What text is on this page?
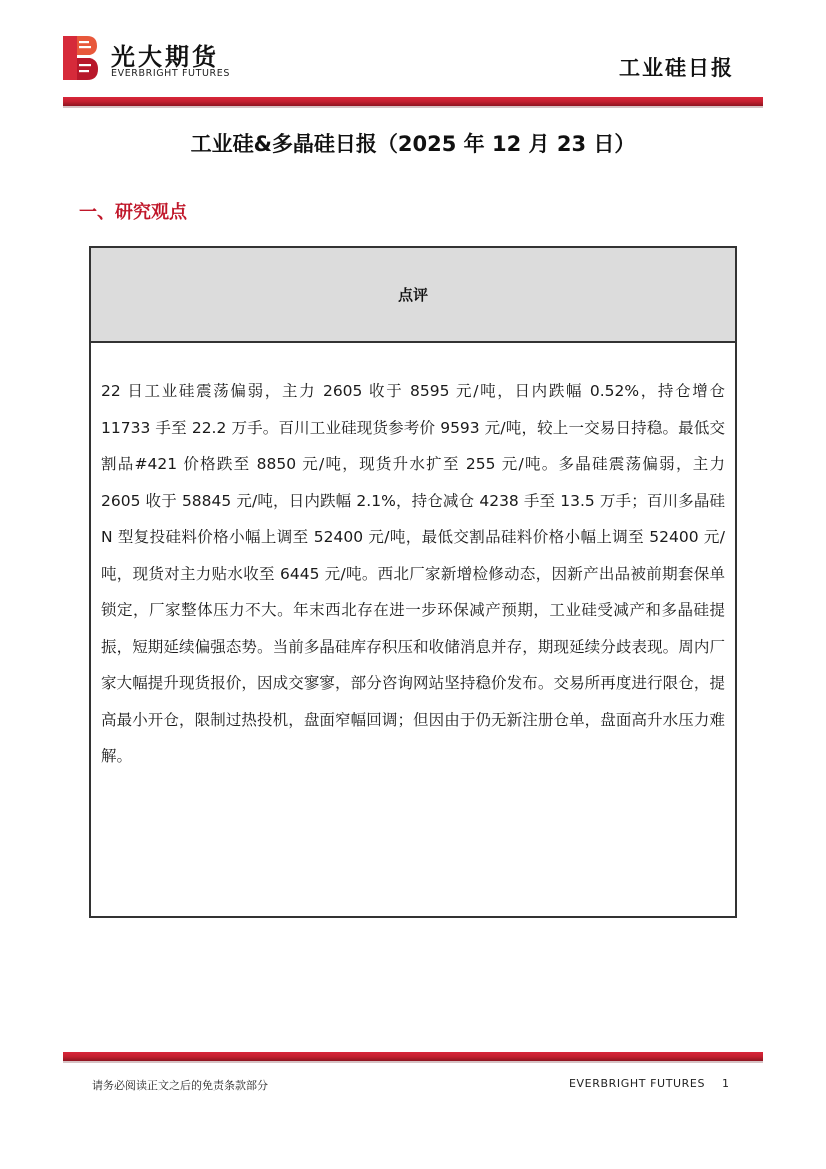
光大期货
EVERBRIGHT FUTURES	工业硅日报
工业硅&多晶硅日报（2025 年 12 月 23 日）
一、研究观点
点评
22 日工业硅震荡偏弱，主力 2605 收于 8595 元/吨，日内跌幅 0.52%，持仓增仓 11733 手至 22.2 万手。百川工业硅现货参考价 9593 元/吨，较上一交易日持稳。最低交割品#421 价格跌至 8850 元/吨，现货升水扩至 255 元/吨。多晶硅震荡偏弱，主力 2605 收于 58845 元/吨，日内跌幅 2.1%，持仓减仓 4238 手至 13.5 万手；百川多晶硅 N 型复投硅料价格小幅上调至 52400 元/吨，最低交割品硅料价格小幅上调至 52400 元/吨，现货对主力贴水收至 6445 元/吨。西北厂家新增检修动态，因新产出品被前期套保单锁定，厂家整体压力不大。年末西北存在进一步环保减产预期，工业硅受减产和多晶硅提振，短期延续偏强态势。当前多晶硅库存积压和收储消息并存，期现延续分歧表现。周内厂家大幅提升现货报价，因成交寥寥，部分咨询网站坚持稳价发布。交易所再度进行限仓，提高最小开仓，限制过热投机，盘面窄幅回调；但因由于仍无新注册仓单，盘面高升水压力难解。
请务必阅读正文之后的免责条款部分	EVERBRIGHT FUTURES 1
